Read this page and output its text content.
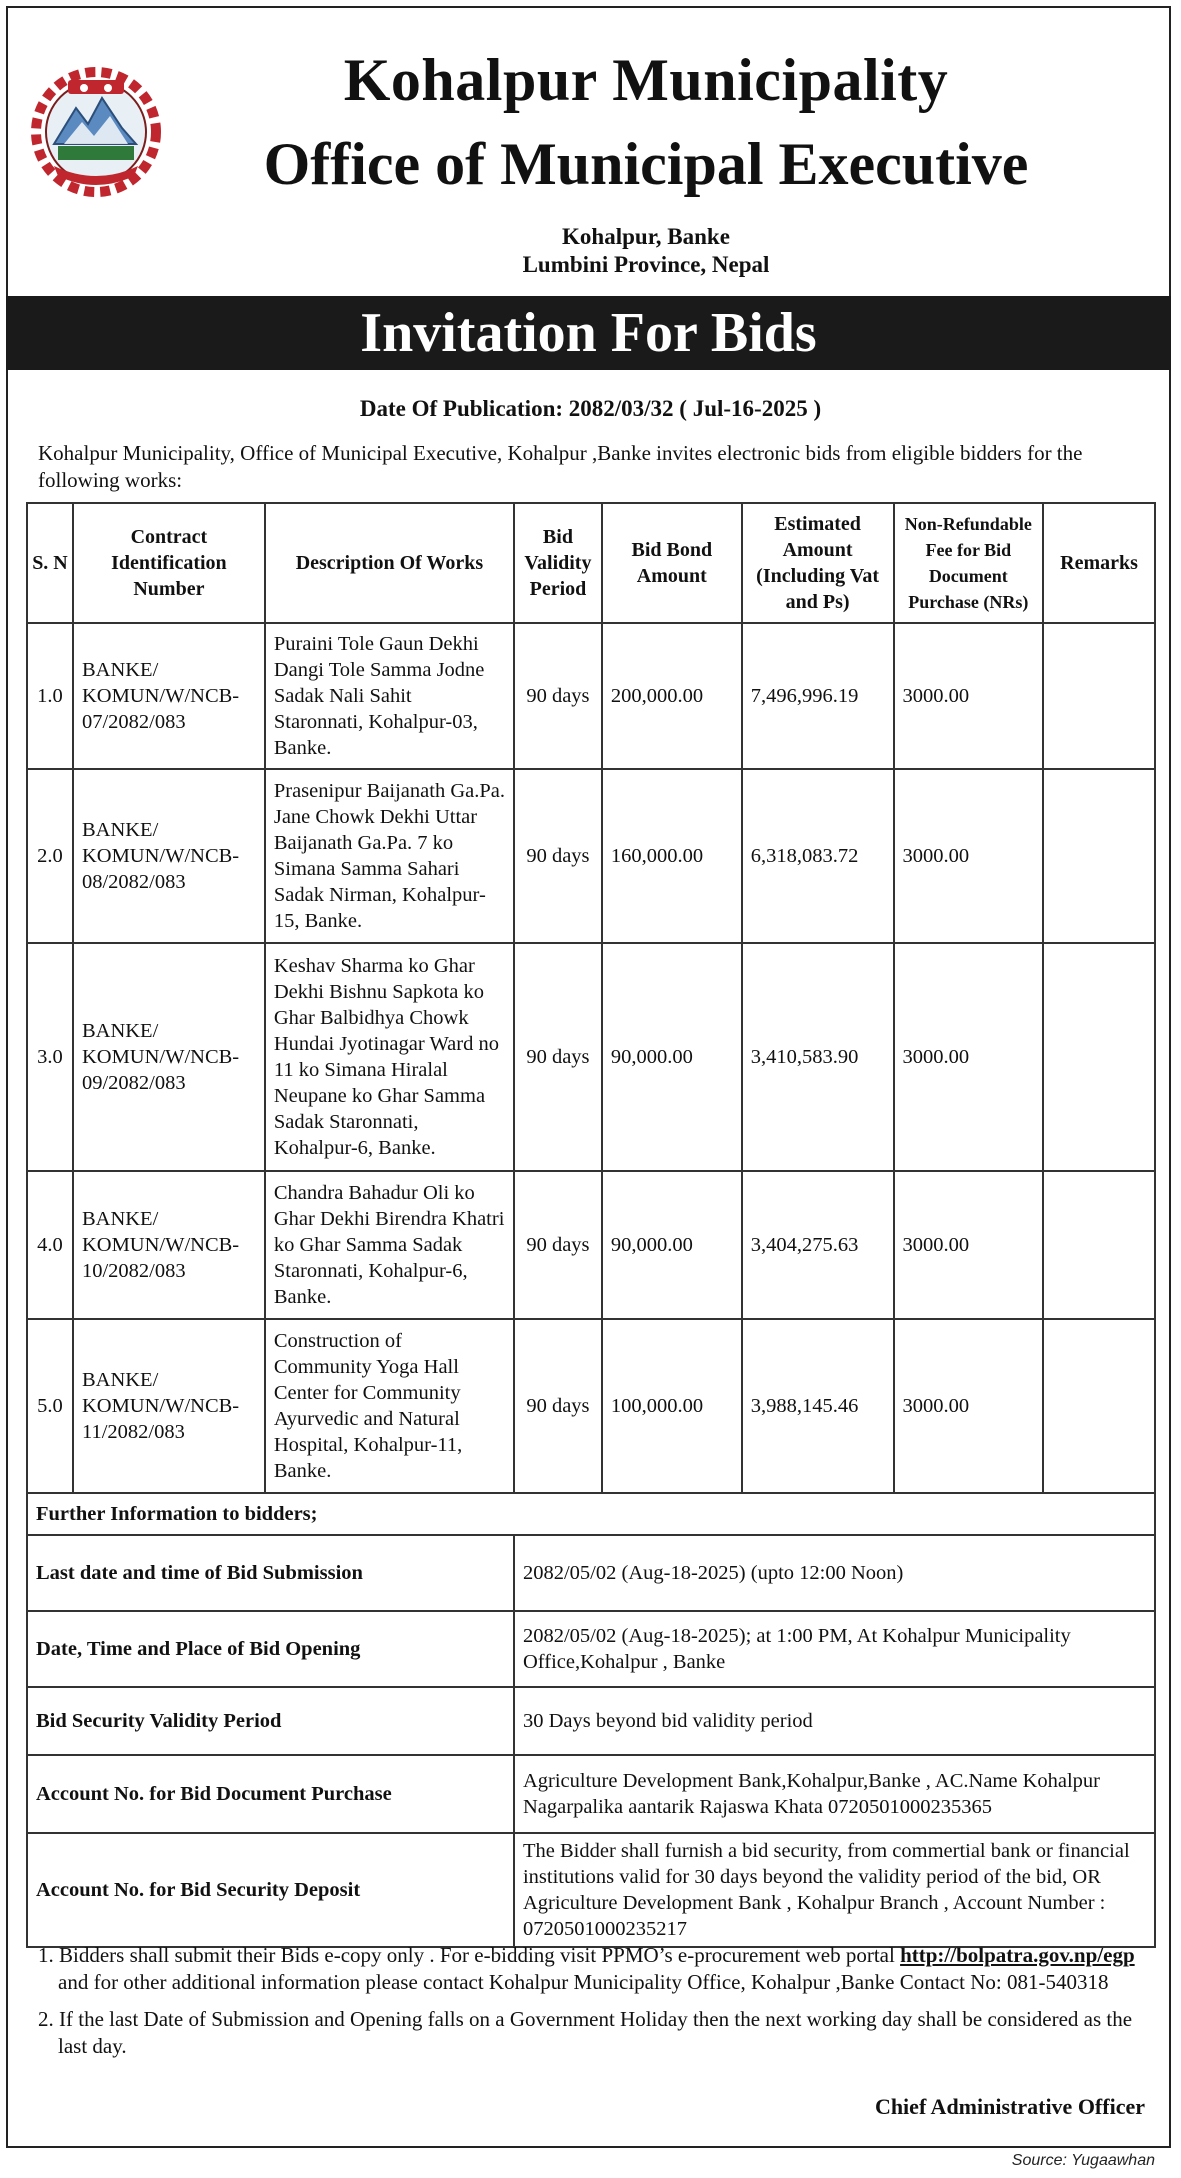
Kohalpur Municipality
Office of Municipal Executive
Kohalpur, Banke
Lumbini Province, Nepal
Invitation For Bids
Date Of Publication: 2082/03/32 ( Jul-16-2025 )
Kohalpur Municipality, Office of Municipal Executive, Kohalpur ,Banke invites electronic bids from eligible bidders for the following works:
S. N	Contract Identification Number	Description Of Works	Bid Validity Period	Bid Bond Amount	Estimated Amount (Including Vat and Ps)	Non-Refundable Fee for Bid Document Purchase (NRs)	Remarks
1.0	BANKE/ KOMUN/W/NCB-07/2082/083	Puraini Tole Gaun Dekhi Dangi Tole Samma Jodne Sadak Nali Sahit Staronnati, Kohalpur-03, Banke.	90 days	200,000.00	7,496,996.19	3000.00	
2.0	BANKE/ KOMUN/W/NCB-08/2082/083	Prasenipur Baijanath Ga.Pa. Jane Chowk Dekhi Uttar Baijanath Ga.Pa. 7 ko Simana Samma Sahari Sadak Nirman, Kohalpur-15, Banke.	90 days	160,000.00	6,318,083.72	3000.00	
3.0	BANKE/ KOMUN/W/NCB-09/2082/083	Keshav Sharma ko Ghar Dekhi Bishnu Sapkota ko Ghar Balbidhya Chowk Hundai Jyotinagar Ward no 11 ko Simana Hiralal Neupane ko Ghar Samma Sadak Staronnati, Kohalpur-6, Banke.	90 days	90,000.00	3,410,583.90	3000.00	
4.0	BANKE/ KOMUN/W/NCB-10/2082/083	Chandra Bahadur Oli ko Ghar Dekhi Birendra Khatri ko Ghar Samma Sadak Staronnati, Kohalpur-6, Banke.	90 days	90,000.00	3,404,275.63	3000.00	
5.0	BANKE/ KOMUN/W/NCB-11/2082/083	Construction of Community Yoga Hall Center for Community Ayurvedic and Natural Hospital, Kohalpur-11, Banke.	90 days	100,000.00	3,988,145.46	3000.00	
Further Information to bidders;							
Last date and time of Bid Submission			2082/05/02 (Aug-18-2025) (upto 12:00 Noon)				
Date, Time and Place of Bid Opening			2082/05/02 (Aug-18-2025); at 1:00 PM, At Kohalpur Municipality Office,Kohalpur , Banke				
Bid Security Validity Period			30 Days beyond bid validity period				
Account No. for Bid Document Purchase			Agriculture Development Bank,Kohalpur,Banke , AC.Name Kohalpur Nagarpalika aantarik Rajaswa Khata 0720501000235365				
Account No. for Bid Security Deposit			The Bidder shall furnish a bid security, from commertial bank or financial institutions valid for 30 days beyond the validity period of the bid, OR Agriculture Development Bank , Kohalpur Branch , Account Number : 0720501000235217				

1. Bidders shall submit their Bids e-copy only . For e-bidding visit PPMO’s e-procurement web portal http://bolpatra.gov.np/egp and for other additional information please contact Kohalpur Municipality Office, Kohalpur ,Banke Contact No: 081-540318

2. If the last Date of Submission and Opening falls on a Government Holiday then the next working day shall be considered as the last day.

Chief Administrative Officer
Source: Yugaawhan
